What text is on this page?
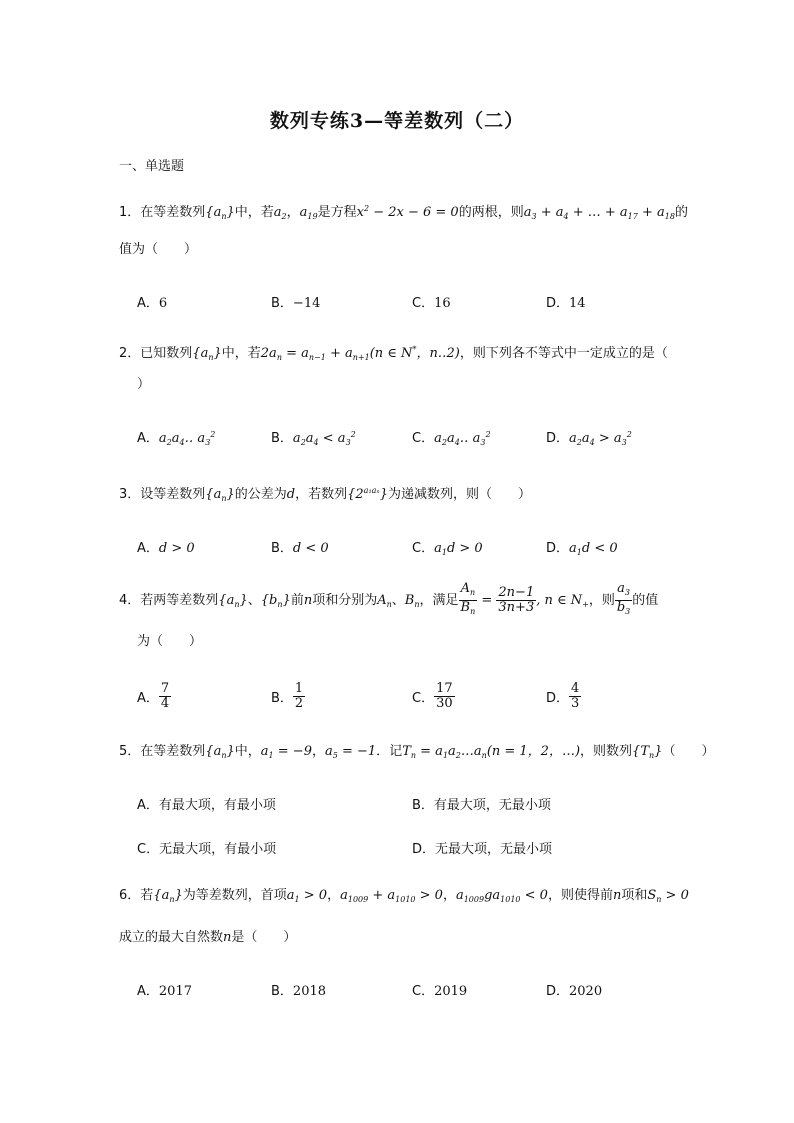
数列专练3—等差数列（二）
一、单选题
1．在等差数列$\{a_n\}$中，若$a_2$，$a_{19}$是方程$x^2 - 2x - 6 = 0$的两根，则$a_3 + a_4$ + … + $a_{17} + a_{18}$的
值为（　　）
A．6	B．−14	C．16	D．14
2．已知数列$\{a_n\}$中，若$2a_n = a_{n-1} + a_{n+1}(n$ ∈ N*，n‥2)，则下列各不等式中一定成立的是（
）
A．$a_2a_4‥$ $a_3^2$	B．$a_2a_4 < a_3^2$	C．$a_2a_4‥$ $a_3^2$	D．$a_2a_4 > a_3^2$
3．设等差数列$\{a_n\}$的公差为d，若数列$\{2^{a_1a_n}\}$为递减数列，则（　　）
A．d > 0	B．d < 0	C．$a_1d > 0$	D．$a_1d < 0$
4．若两等差数列$\{a_n\}$、$\{b_n\}$前n项和分别为$A_n$、$B_n$，满足 $\frac{A_n}{B_n} = \frac{2n-1}{3n+3}$ , n ∈ $N_+$，则 $\frac{a_3}{b_3}$ 的值
为（　　）
A． $\frac{7}{4}$	B． $\frac{1}{2}$	C． $\frac{17}{30}$	D． $\frac{4}{3}$
5．在等差数列$\{a_n\}$中，$a_1 = -9$，$a_5 = -1$．记$T_n$ = $a_1a_2\dots a_n(n = 1$，2，…)，则数列$\{T_n\}$（　　）
A．有最大项，有最小项	B．有最大项，无最小项
C．无最大项，有最小项	D．无最大项，无最小项
6．若$\{a_n\}$为等差数列，首项$a_1 > 0$，$a_{1009} + a_{1010} > 0$，$a_{1009}ga_{1010} < 0$，则使得前n项和$S_n > 0$
成立的最大自然数n是（　　）
A．2017	B．2018	C．2019	D．2020
